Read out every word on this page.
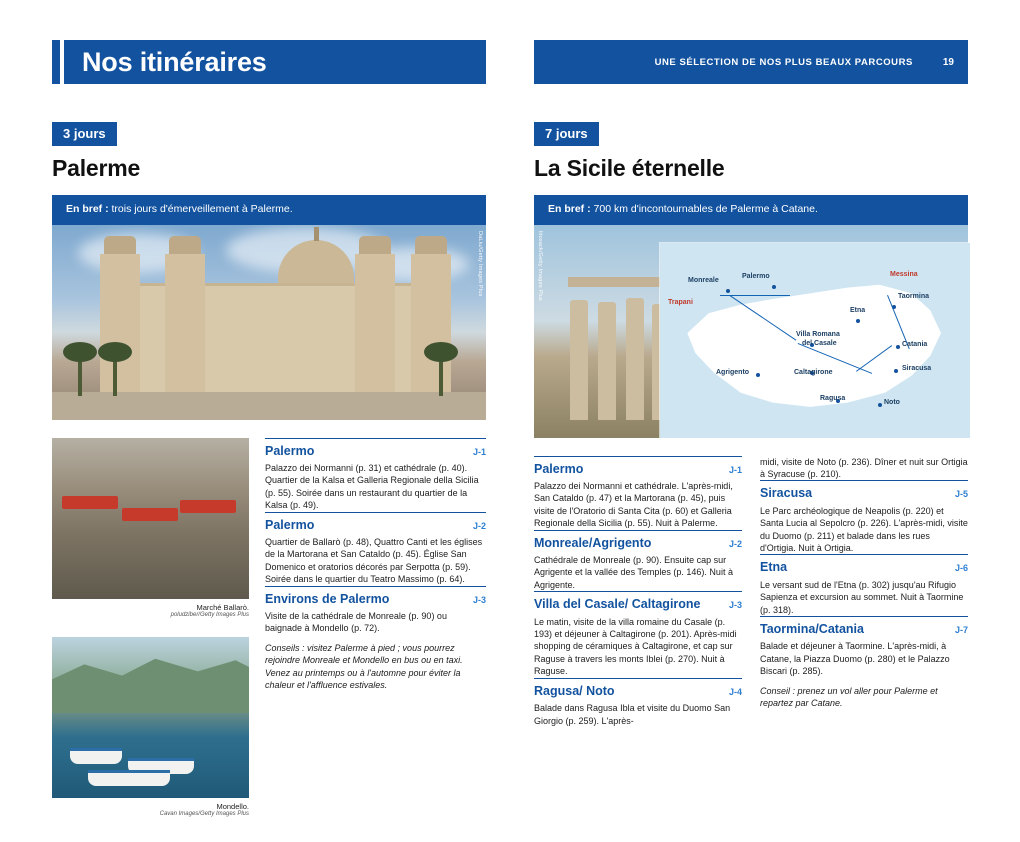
Nos itinéraires
3 jours
Palerme
En bref : trois jours d'émerveillement à Palerme.
DaLiu/Getty Images Plus
Marché Ballarò.
poludziber/Getty Images Plus
Mondello.
Cavan Images/Getty Images Plus
Palermo	J-1
Palazzo dei Normanni (p. 31) et cathédrale (p. 40). Quartier de la Kalsa et Galleria Regionale della Sicilia (p. 55). Soirée dans un restaurant du quartier de la Kalsa (p. 49).
Palermo	J-2
Quartier de Ballarò (p. 48), Quattro Canti et les églises de la Martorana et San Cataldo (p. 45). Église San Domenico et oratorios décorés par Serpotta (p. 59). Soirée dans le quartier du Teatro Massimo (p. 64).
Environs de Palermo	J-3
Visite de la cathédrale de Monreale (p. 90) ou baignade à Mondello (p. 72).
Conseils : visitez Palerme à pied ; vous pourrez rejoindre Monreale et Mondello en bus ou en taxi. Venez au printemps ou à l'automne pour éviter la chaleur et l'affluence estivales.
UNE SÉLECTION DE NOS PLUS BEAUX PARCOURS	19
7 jours
La Sicile éternelle
En bref : 700 km d'incontournables de Palerme à Catane.
litosack/Getty Images Plus
Trapani
Monreale
Palermo	Messina
Etna
Taormina
Villa Romana
del Casale	Catania
Agrigento	Caltagirone
Siracusa
Ragusa
Noto
Palermo	J-1
Palazzo dei Normanni et cathédrale. L'après-midi, San Cataldo (p. 47) et la Martorana (p. 45), puis visite de l'Oratorio di Santa Cita (p. 60) et Galleria Regionale della Sicilia (p. 55). Nuit à Palerme.
Monreale/Agrigento	J-2
Cathédrale de Monreale (p. 90). Ensuite cap sur Agrigente et la vallée des Temples (p. 146). Nuit à Agrigente.
Villa del Casale/ Caltagirone	J-3
Le matin, visite de la villa romaine du Casale (p. 193) et déjeuner à Caltagirone (p. 201). Après-midi shopping de céramiques à Caltagirone, et cap sur Raguse à travers les monts Iblei (p. 270). Nuit à Raguse.
Ragusa/ Noto	J-4
Balade dans Ragusa Ibla et visite du Duomo San Giorgio (p. 259). L'après-
midi, visite de Noto (p. 236). Dîner et nuit sur Ortigia à Syracuse (p. 210).
Siracusa	J-5
Le Parc archéologique de Neapolis (p. 220) et Santa Lucia al Sepolcro (p. 226). L'après-midi, visite du Duomo (p. 211) et balade dans les rues d'Ortigia. Nuit à Ortigia.
Etna	J-6
Le versant sud de l'Etna (p. 302) jusqu'au Rifugio Sapienza et excursion au sommet. Nuit à Taormine (p. 318).
Taormina/Catania	J-7
Balade et déjeuner à Taormine. L'après-midi, à Catane, la Piazza Duomo (p. 280) et le Palazzo Biscari (p. 285).
Conseil : prenez un vol aller pour Palerme et repartez par Catane.
